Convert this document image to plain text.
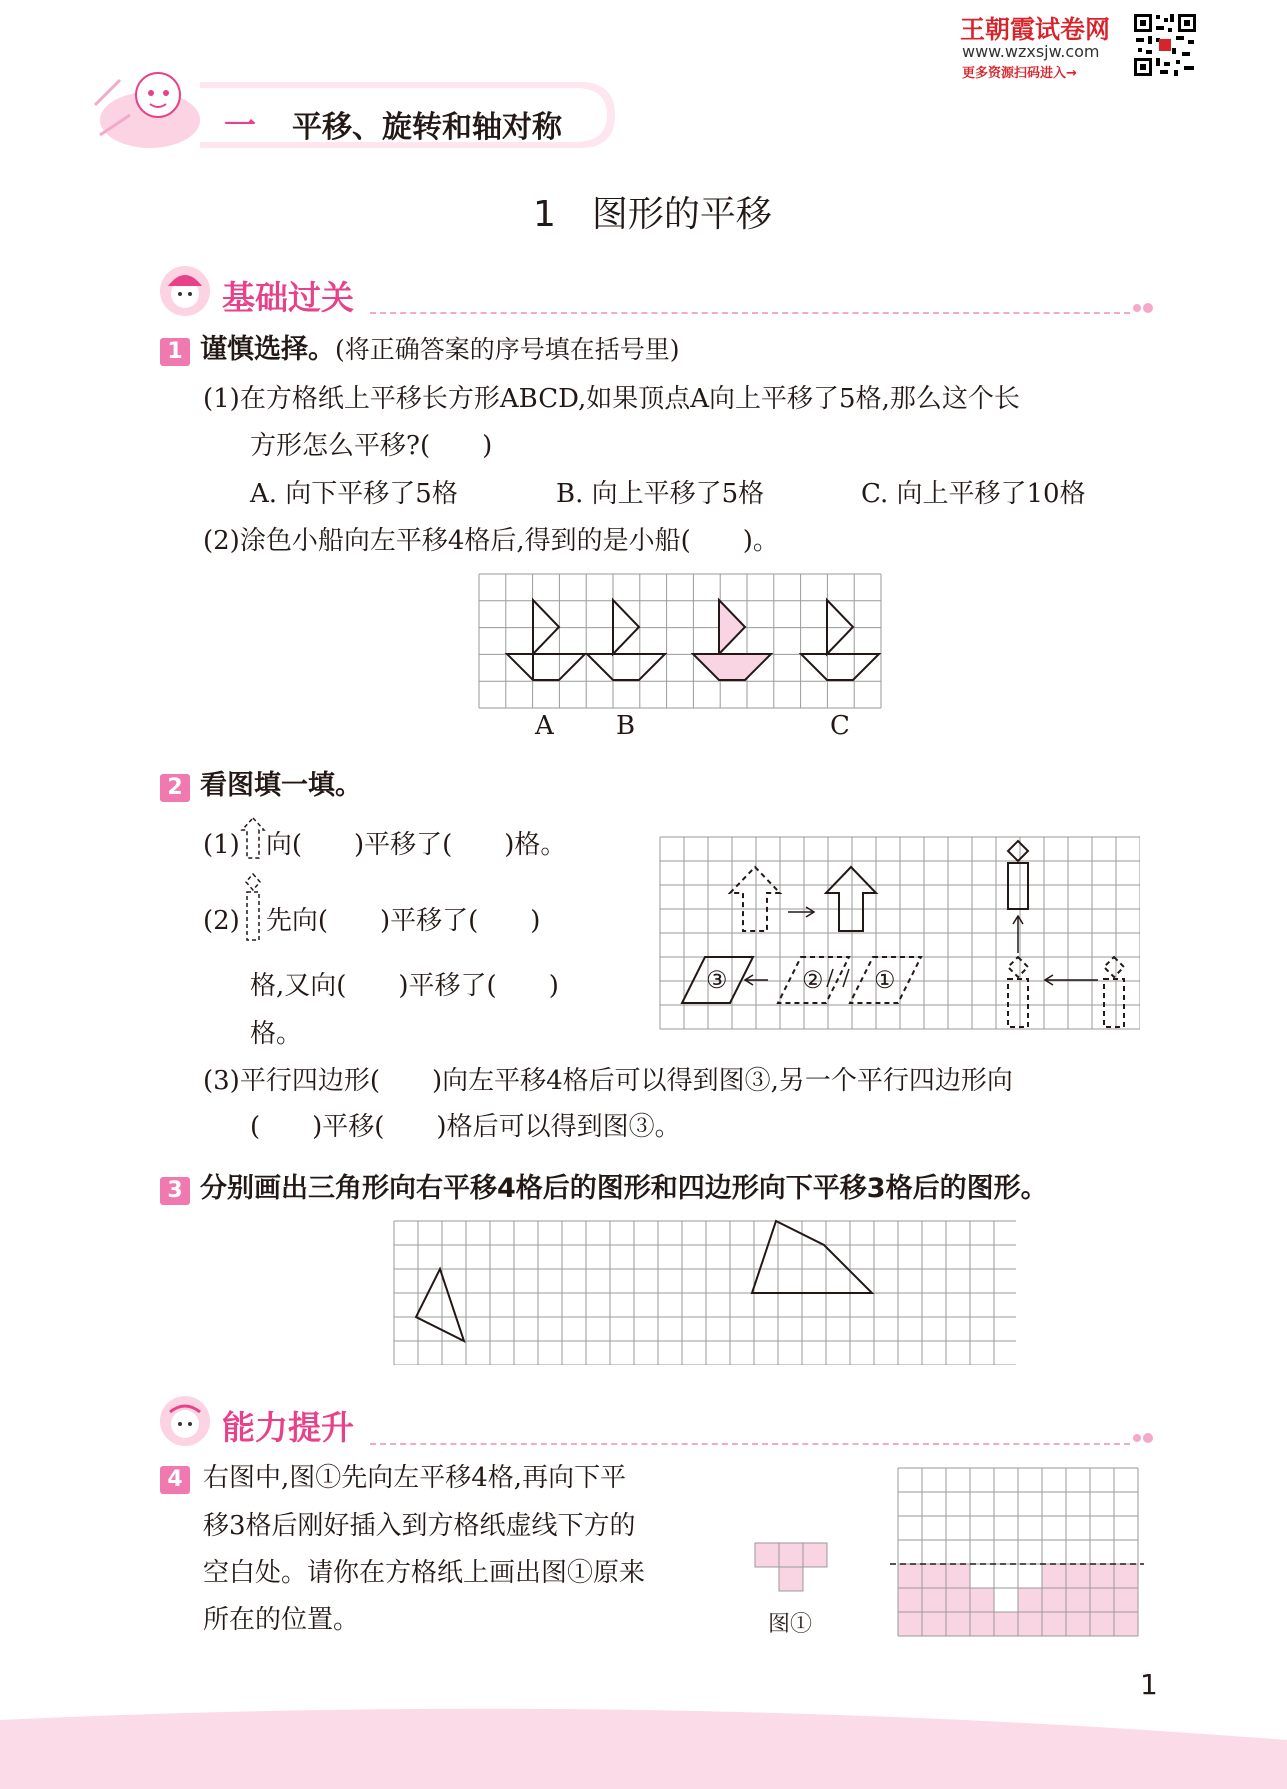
王朝霞试卷网
www.wzxsjw.com
更多资源扫码进入→
一 平移、旋转和轴对称
1　图形的平移
基础过关
1 谨慎选择。(将正确答案的序号填在括号里)
(1)在方格纸上平移长方形ABCD,如果顶点A向上平移了5格,那么这个长
方形怎么平移?(　　)
A. 向下平移了5格	B. 向上平移了5格	C. 向上平移了10格
(2)涂色小船向左平移4格后,得到的是小船(　　)。
A B	C
2 看图填一填。
(1) 向(　　)平移了(　　)格。
(2) 先向(　　)平移了(　　)
格,又向(　　)平移了(　　)
格。
(3)平行四边形(　　)向左平移4格后可以得到图③,另一个平行四边形向
(　　)平移(　　)格后可以得到图③。
③	② ①
3 分别画出三角形向右平移4格后的图形和四边形向下平移3格后的图形。
能力提升
4 右图中,图①先向左平移4格,再向下平
移3格后刚好插入到方格纸虚线下方的
空白处。请你在方格纸上画出图①原来
所在的位置。	图①
1
